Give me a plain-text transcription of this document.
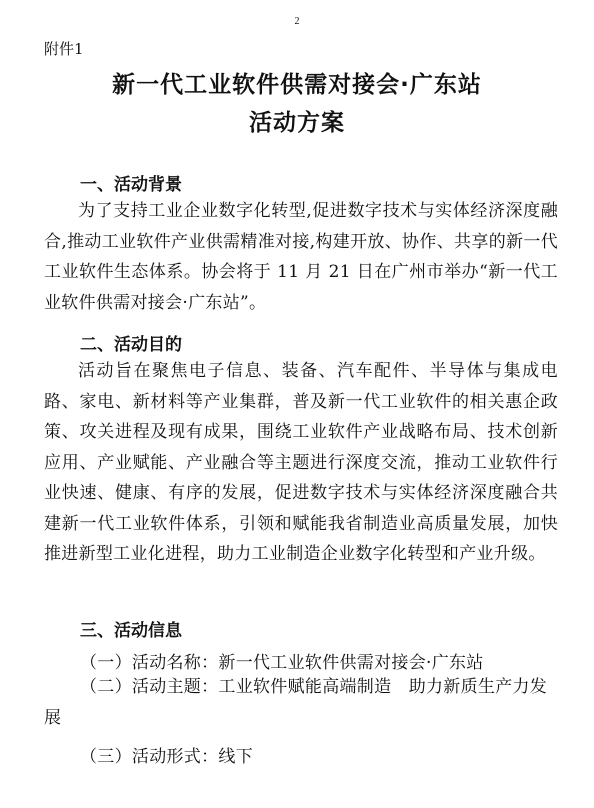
2
附件1
新一代工业软件供需对接会·广东站
活动方案
一、活动背景

为了支持工业企业数字化转型,促进数字技术与实体经济深度融合,推动工业软件产业供需精准对接,构建开放、协作、共享的新一代工业软件生态体系。协会将于 11 月 21 日在广州市举办“新一代工业软件供需对接会·广东站”。

二、活动目的

活动旨在聚焦电子信息、装备、汽车配件、半导体与集成电路、家电、新材料等产业集群，普及新一代工业软件的相关惠企政策、攻关进程及现有成果，围绕工业软件产业战略布局、技术创新应用、产业赋能、产业融合等主题进行深度交流，推动工业软件行业快速、健康、有序的发展，促进数字技术与实体经济深度融合共建新一代工业软件体系，引领和赋能我省制造业高质量发展，加快推进新型工业化进程，助力工业制造企业数字化转型和产业升级。

三、活动信息
（一）活动名称：新一代工业软件供需对接会·广东站

（二）活动主题：工业软件赋能高端制造　助力新质生产力发展

（三）活动形式：线下
